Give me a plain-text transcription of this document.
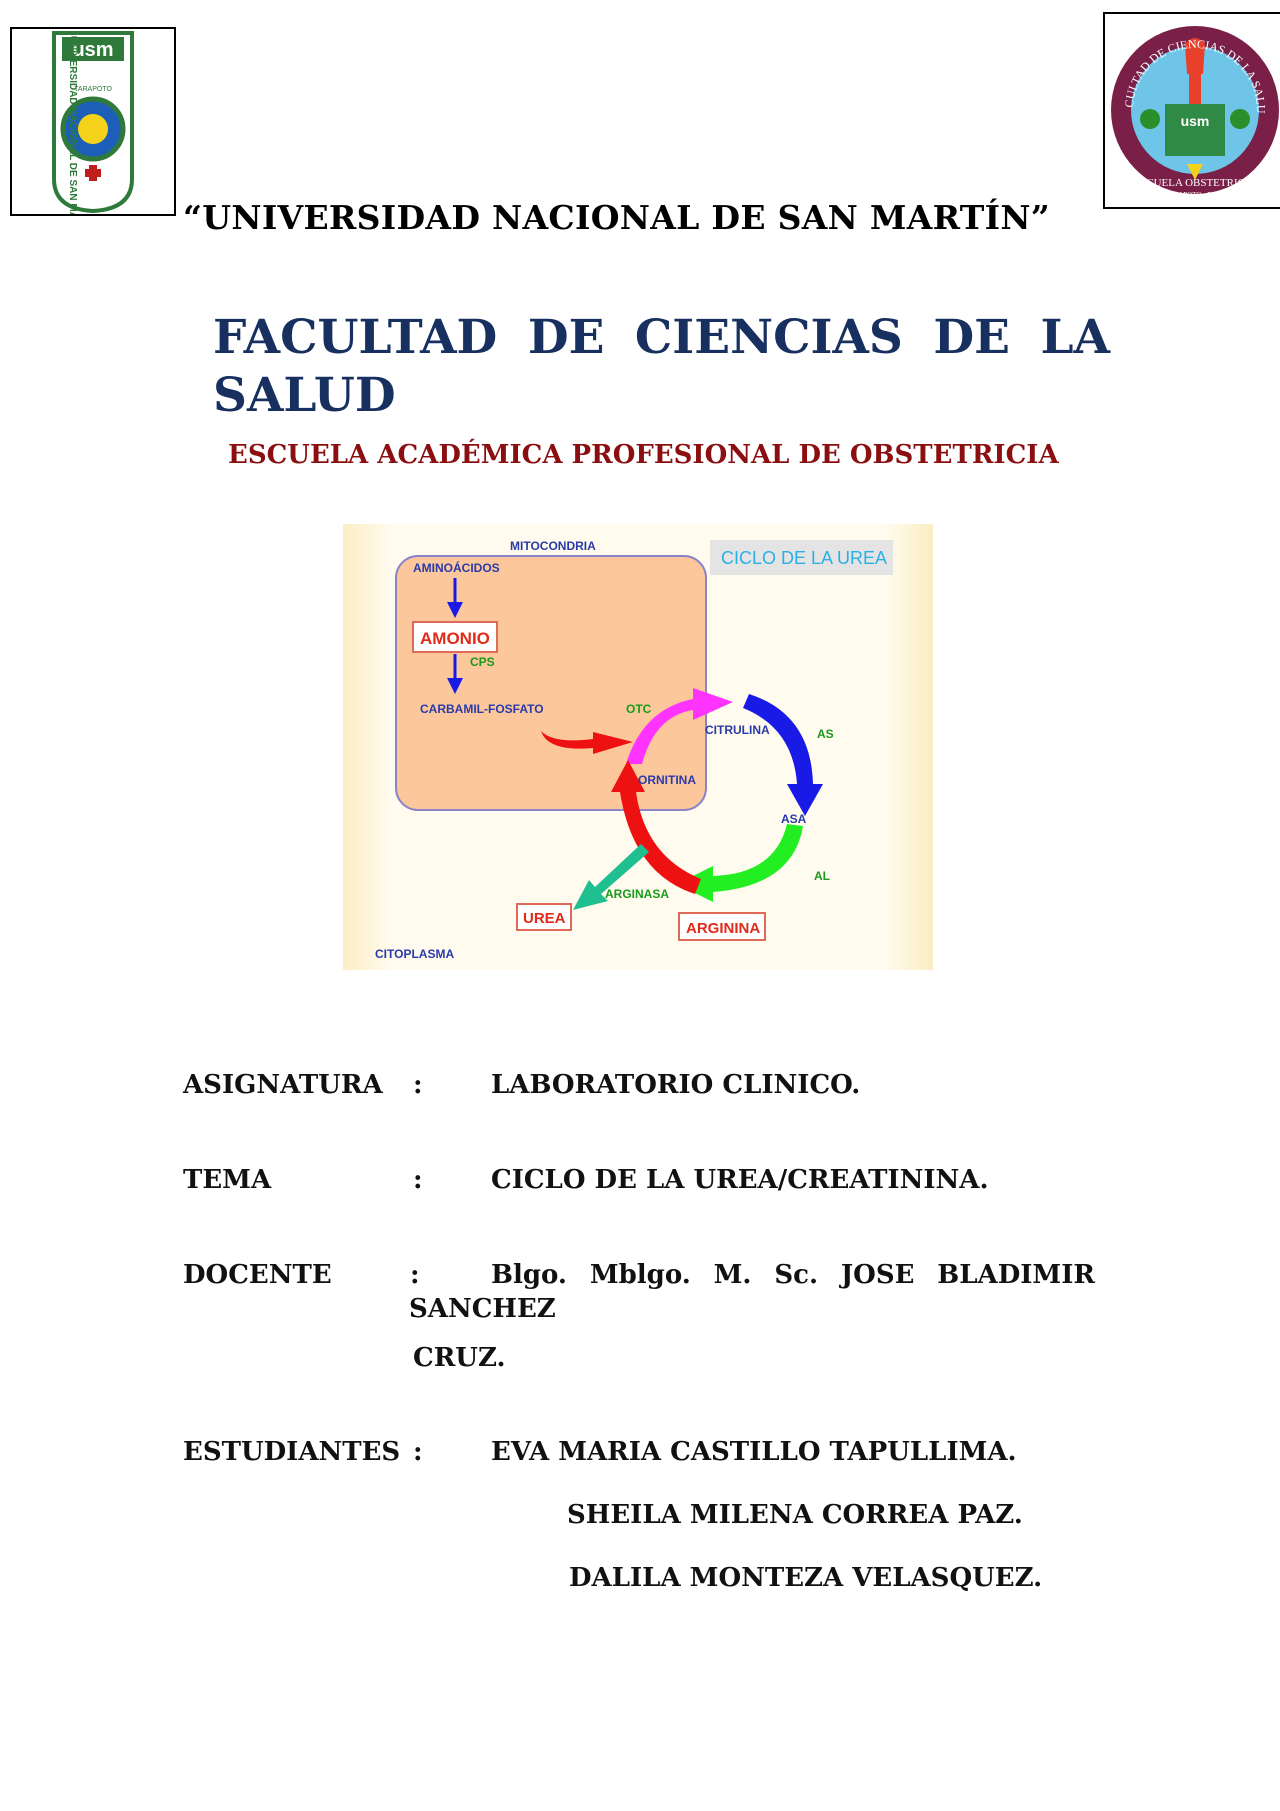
usm
UNIVERSIDAD NACIONAL DE SAN MARTIN
TARAPOTO
usm
CULTAD DE CIENCIAS DE LA SALU
ESCUELA OBSTETRICIA
TARAPOTO - PERU
“UNIVERSIDAD NACIONAL DE SAN MARTÍN”
FACULTAD DE CIENCIAS DE LA
SALUD
ESCUELA ACADÉMICA PROFESIONAL DE OBSTETRICIA
MITOCONDRIA
CICLO DE LA UREA
AMINOÁCIDOS
AMONIO
CPS
CARBAMIL-FOSFATO	OTC
CITRULINA	AS
ASA
AL
ORNITINA
ARGINASA
ARGININA
UREA
CITOPLASMA
ASIGNATURA :	LABORATORIO CLINICO.
TEMA	:	CICLO DE LA UREA/CREATININA.
DOCENTE	:	Blgo. Mblgo. M. Sc. JOSE BLADIMIR
SANCHEZ
CRUZ.
ESTUDIANTES :	EVA MARIA CASTILLO TAPULLIMA.
SHEILA MILENA CORREA PAZ.
DALILA MONTEZA VELASQUEZ.
